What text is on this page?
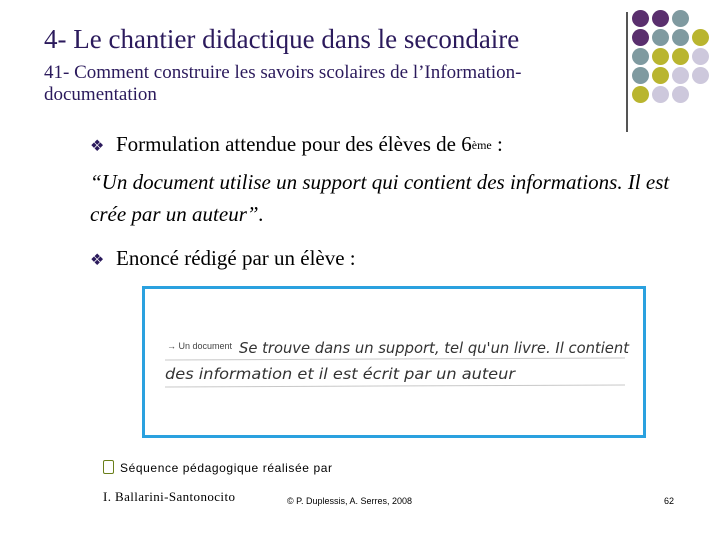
4- Le chantier didactique dans le secondaire
41- Comment construire les savoirs scolaires de l’Information-documentation
❖ Formulation attendue pour des élèves de 6ème :
“Un document utilise un support qui contient des informations. Il est crée par un auteur”.
❖ Enoncé rédigé par un élève :
→ Un document Se trouve dans un support, tel qu'un livre. Il contient
des information et il est écrit par un auteur
Séquence pédagogique réalisée par
I. Ballarini-Santonocito	© P. Duplessis, A. Serres, 2008	62
